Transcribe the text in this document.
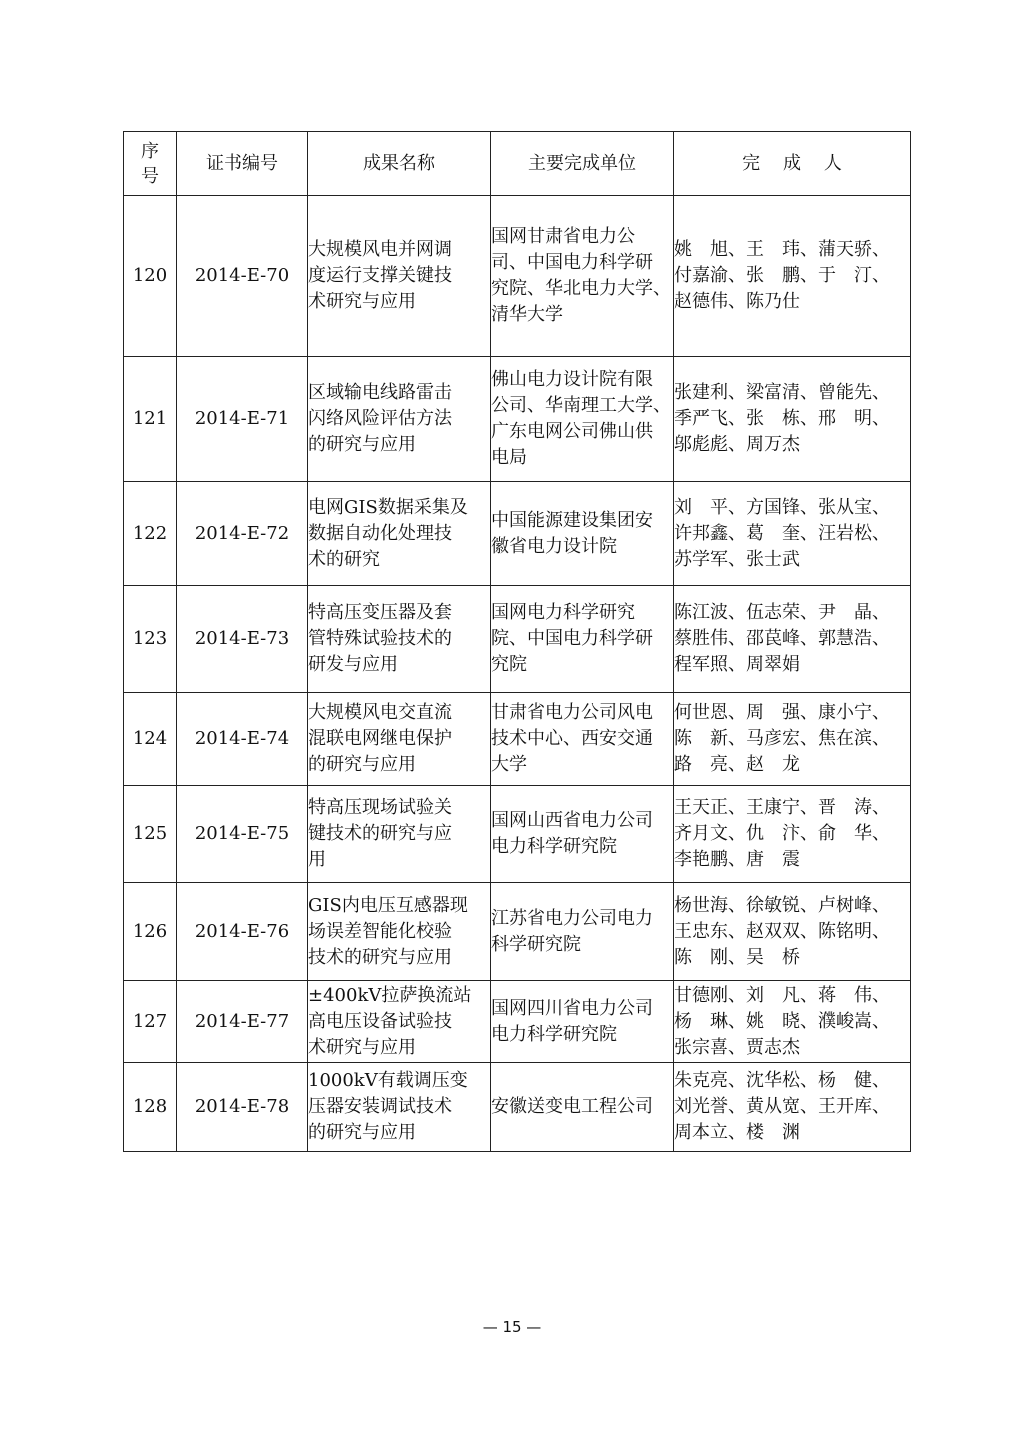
序号	证书编号	成果名称	主要完成单位	完    成    人
120	2014-E-70	大规模风电并网调
度运行支撑关键技
术研究与应用	国网甘肃省电力公
司、中国电力科学研
究院、华北电力大学、
清华大学	姚　旭、王　玮、蒲天骄、
付嘉渝、张　鹏、于　汀、
赵德伟、陈乃仕

121	2014-E-71	区域输电线路雷击
闪络风险评估方法
的研究与应用	佛山电力设计院有限
公司、华南理工大学、
广东电网公司佛山供
电局	张建利、梁富清、曾能先、
季严飞、张　栋、邢　明、
邬彪彪、周万杰

122	2014-E-72	电网GIS数据采集及
数据自动化处理技
术的研究	中国能源建设集团安
徽省电力设计院	刘　平、方国锋、张从宝、
许邦鑫、葛　奎、汪岩松、
苏学军、张士武

123	2014-E-73	特高压变压器及套
管特殊试验技术的
研发与应用	国网电力科学研究
院、中国电力科学研
究院	陈江波、伍志荣、尹　晶、
蔡胜伟、邵苠峰、郭慧浩、
程军照、周翠娟

124	2014-E-74	大规模风电交直流
混联电网继电保护
的研究与应用	甘肃省电力公司风电
技术中心、西安交通
大学	何世恩、周　强、康小宁、
陈　新、马彦宏、焦在滨、
路　亮、赵　龙

125	2014-E-75	特高压现场试验关
键技术的研究与应
用	国网山西省电力公司
电力科学研究院	王天正、王康宁、晋　涛、
齐月文、仇　汴、俞　华、
李艳鹏、唐　震

126	2014-E-76	GIS内电压互感器现
场误差智能化校验
技术的研究与应用	江苏省电力公司电力
科学研究院	杨世海、徐敏锐、卢树峰、
王忠东、赵双双、陈铭明、
陈　刚、吴　桥

127	2014-E-77	±400kV拉萨换流站
高电压设备试验技
术研究与应用	国网四川省电力公司
电力科学研究院	甘德刚、刘　凡、蒋　伟、
杨　琳、姚　晓、濮峻嵩、
张宗喜、贾志杰

128	2014-E-78	1000kV有载调压变
压器安装调试技术
的研究与应用	安徽送变电工程公司	朱克亮、沈华松、杨　健、
刘光誉、黄从宽、王开库、
周本立、楼　渊
— 15 —
